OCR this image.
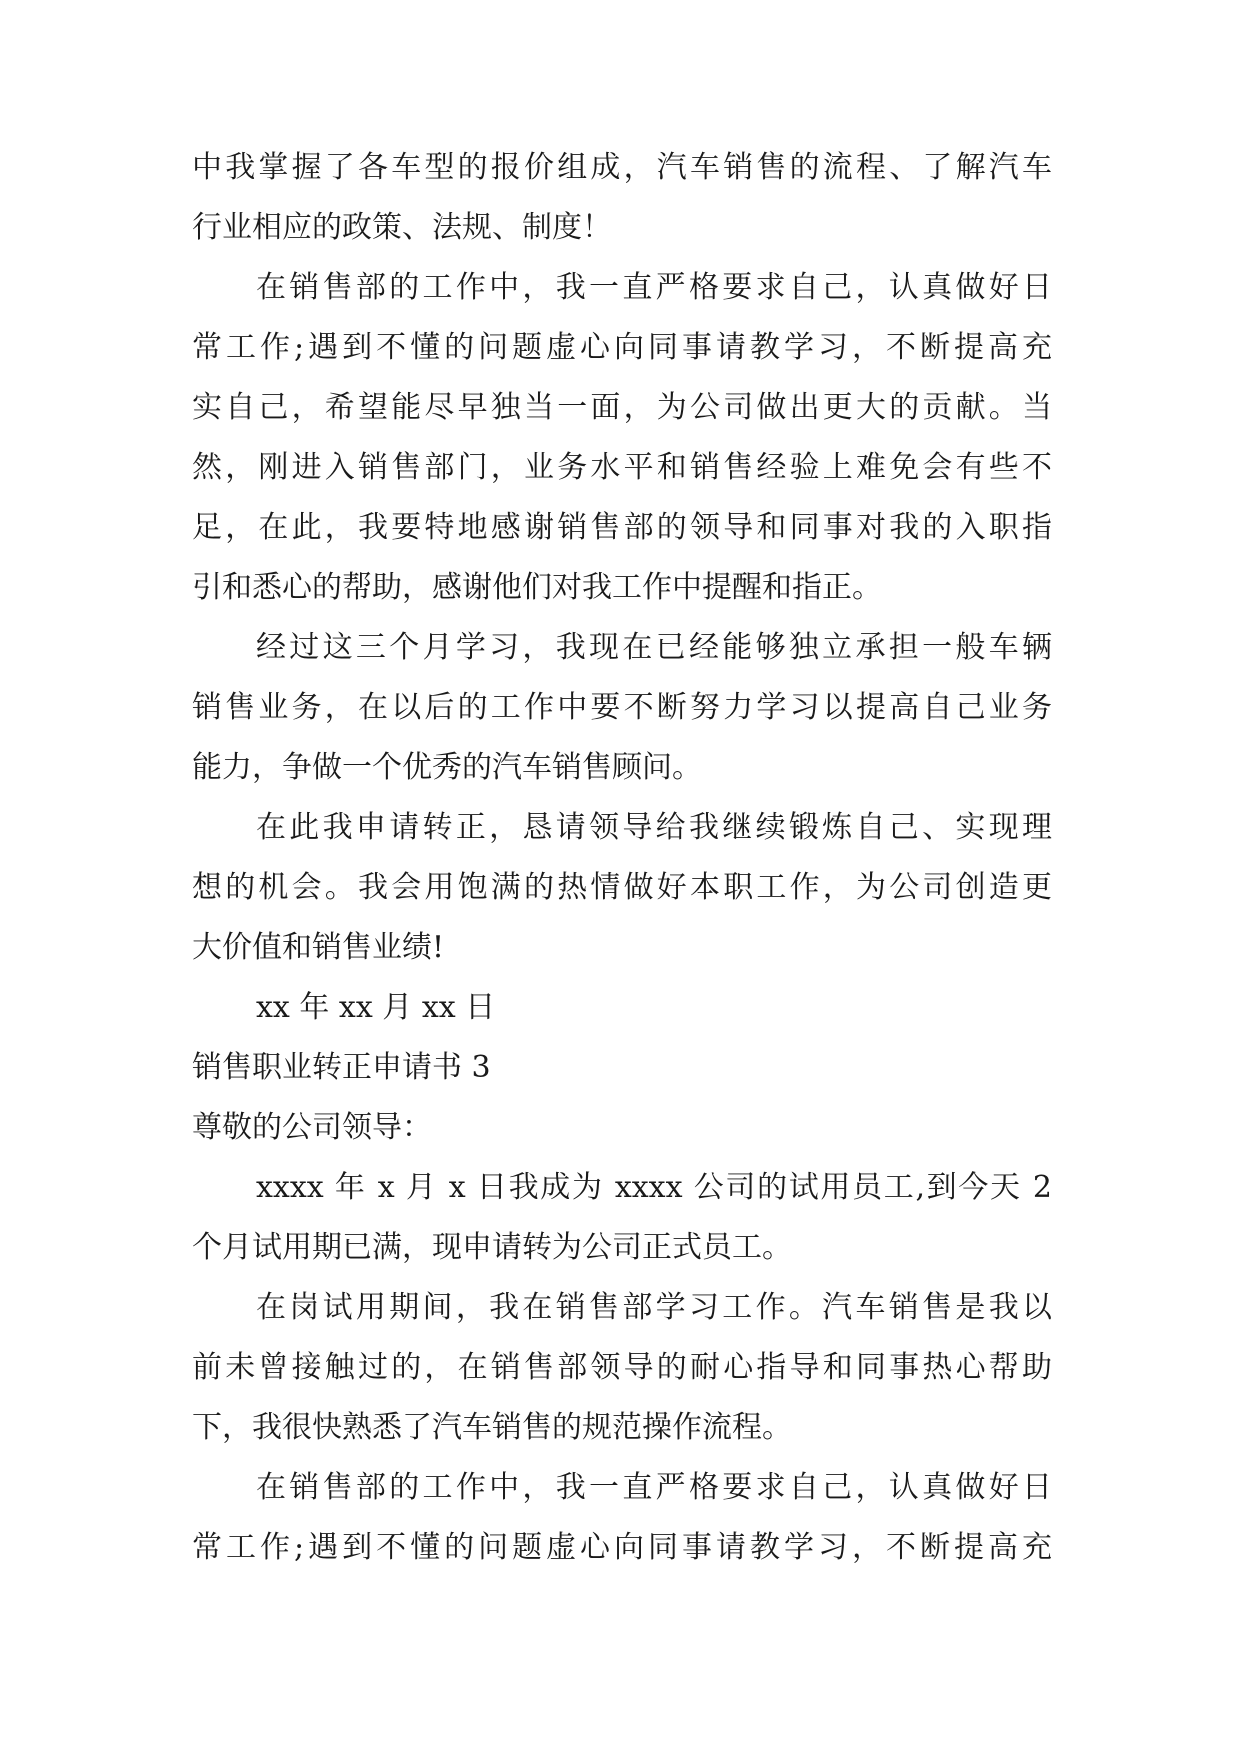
中我掌握了各车型的报价组成，汽车销售的流程、了解汽车
行业相应的政策、法规、制度！
在销售部的工作中，我一直严格要求自己，认真做好日
常工作;遇到不懂的问题虚心向同事请教学习，不断提高充
实自己，希望能尽早独当一面，为公司做出更大的贡献。当
然，刚进入销售部门，业务水平和销售经验上难免会有些不
足，在此，我要特地感谢销售部的领导和同事对我的入职指
引和悉心的帮助，感谢他们对我工作中提醒和指正。
经过这三个月学习，我现在已经能够独立承担一般车辆
销售业务，在以后的工作中要不断努力学习以提高自己业务
能力，争做一个优秀的汽车销售顾问。
在此我申请转正，恳请领导给我继续锻炼自己、实现理
想的机会。我会用饱满的热情做好本职工作，为公司创造更
大价值和销售业绩!
xx 年 xx 月 xx 日
销售职业转正申请书 3
尊敬的公司领导：
xxxx 年 x 月 x 日我成为 xxxx 公司的试用员工,到今天 2
个月试用期已满，现申请转为公司正式员工。
在岗试用期间，我在销售部学习工作。汽车销售是我以
前未曾接触过的，在销售部领导的耐心指导和同事热心帮助
下，我很快熟悉了汽车销售的规范操作流程。
在销售部的工作中，我一直严格要求自己，认真做好日
常工作;遇到不懂的问题虚心向同事请教学习，不断提高充
